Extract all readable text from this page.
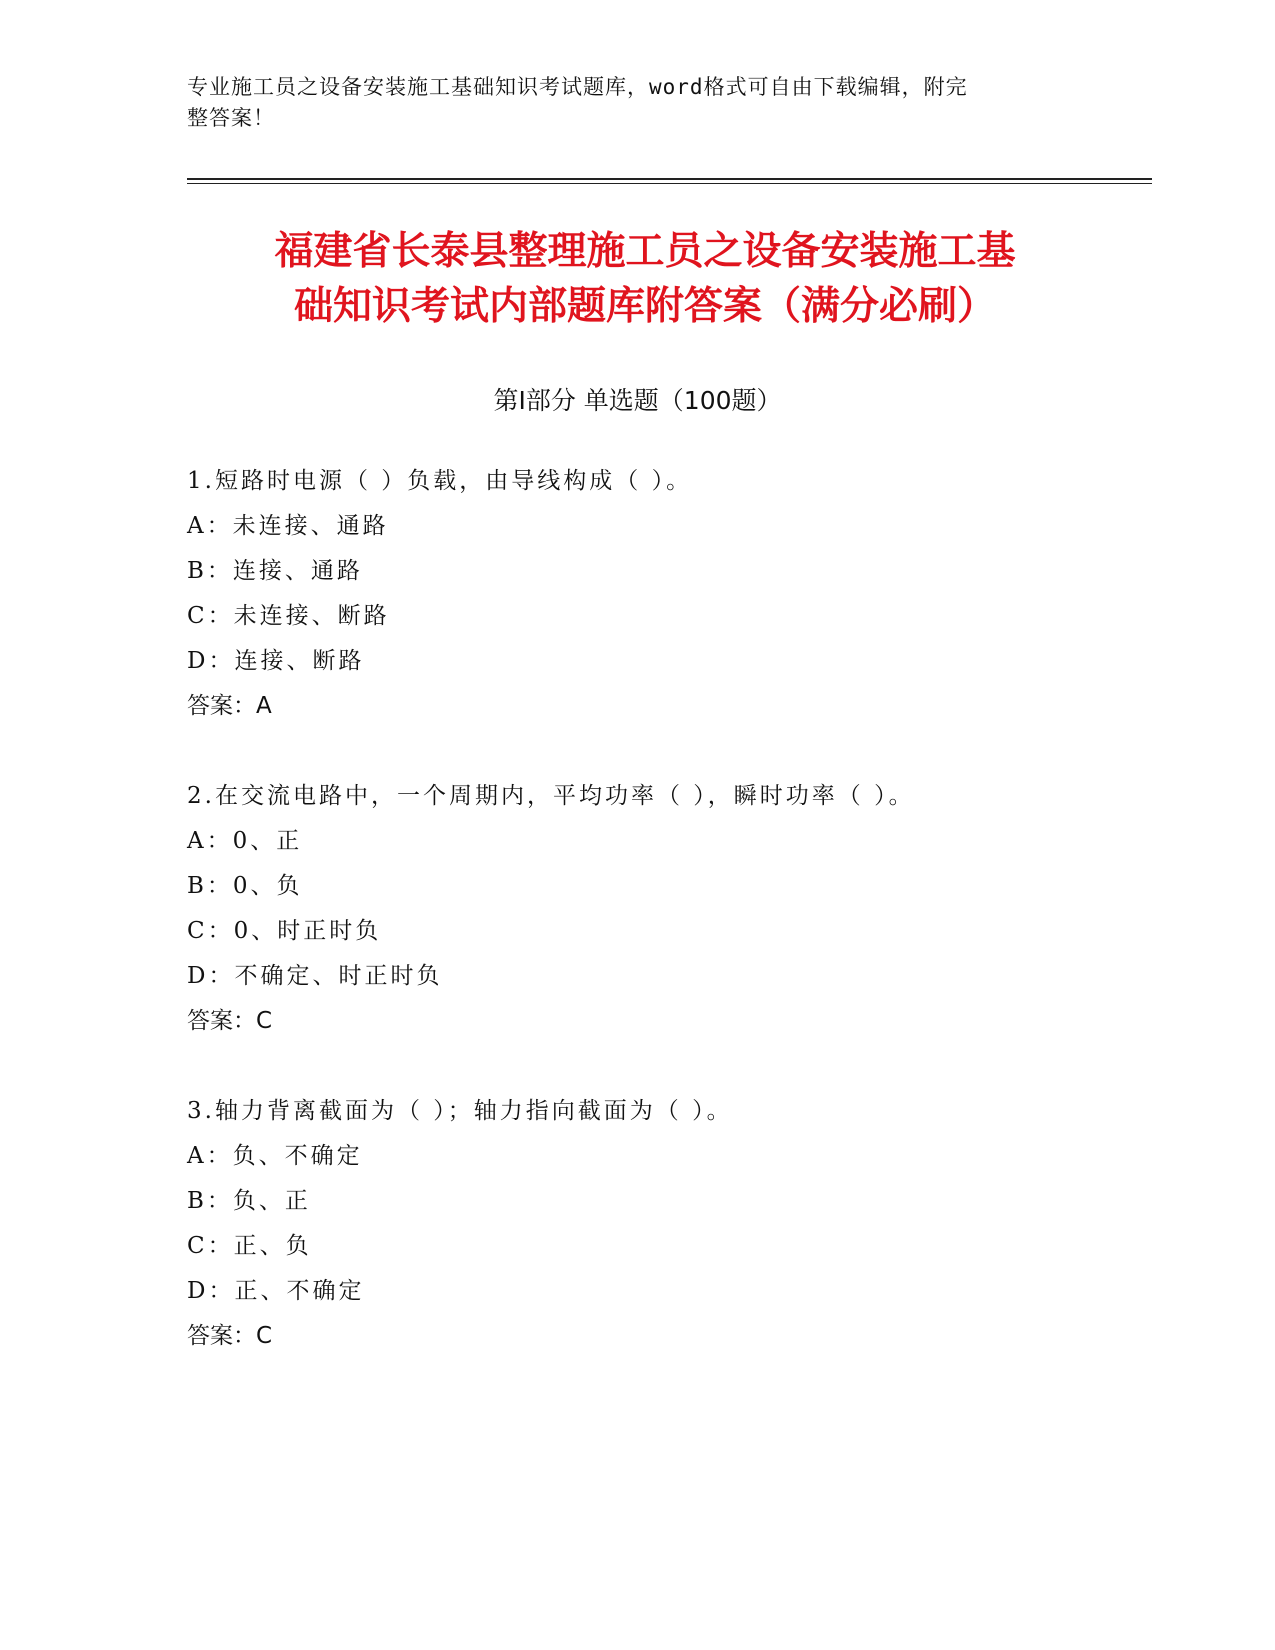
专业施工员之设备安装施工基础知识考试题库，word格式可自由下载编辑，附完
整答案！
福建省长泰县整理施工员之设备安装施工基
础知识考试内部题库附答案（满分必刷）
第Ⅰ部分 单选题（100题）
1.短路时电源（ ）负载，由导线构成（ ）。
A：未连接、通路
B：连接、通路
C：未连接、断路
D：连接、断路
答案：A
2.在交流电路中，一个周期内，平均功率（ ），瞬时功率（ ）。
A：0、正
B：0、负
C：0、时正时负
D：不确定、时正时负
答案：C
3.轴力背离截面为（ ）；轴力指向截面为（ ）。
A：负、不确定
B：负、正
C：正、负
D：正、不确定
答案：C
